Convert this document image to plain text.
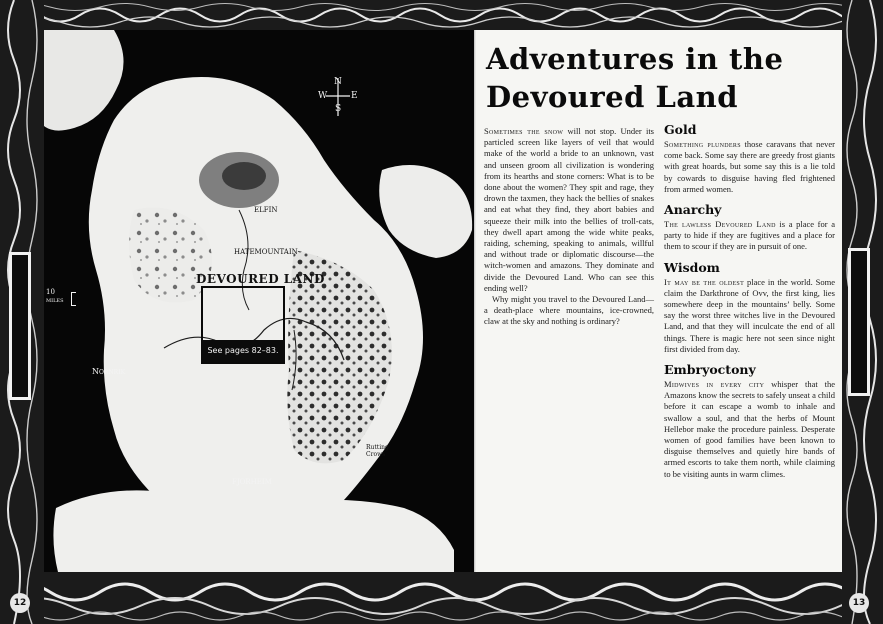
N
S
W	E
10
miles
ELFIN
HATEMOUNTAIN
DEVOURED LAND
Nornrik
Rutting Crows
FJORHEIM
See pages 82–83.
Adventures in the
Devoured Land

Sometimes the snow will not stop. Under its particled screen like layers of veil that would make of the world a bride to an unknown, vast and unseen groom all civilization is wondering from its hearths and stone corners: What is to be done about the women? They spit and rage, they drown the taxmen, they hack the bellies of snakes and eat what they find, they abort babies and squeeze their milk into the bellies of troll-cats, they dwell apart among the wide white peaks, raiding, scheming, speaking to animals, willful and without trade or diplomatic discourse—the witch-women and amazons. They dominate and divide the Devoured Land. Who can see this ending well?

Why might you travel to the Devoured Land—a death-place where mountains, ice-crowned, claw at the sky and nothing is ordinary?

Gold

Something plunders those caravans that never come back. Some say there are greedy frost giants with great hoards, but some say this is a lie told by cowards to disguise having fled frightened from armed women.

Anarchy

The lawless Devoured Land is a place for a party to hide if they are fugitives and a place for them to scour if they are in pursuit of one.

Wisdom

It may be the oldest place in the world. Some claim the Darkthrone of Ovv, the first king, lies somewhere deep in the mountains’ belly. Some say the worst three witches live in the Devoured Land, and that they will inculcate the end of all things. There is magic here not seen since night first divided from day.

Embryoctony

Midwives in every city whisper that the Amazons know the secrets to safely unseat a child before it can escape a womb to inhale and swallow a soul, and that the herbs of Mount Hellebor make the procedure painless. Desperate women of good families have been known to disguise themselves and quietly hire bands of armed escorts to take them north, while claiming to be visiting aunts in warm climes.

12	13
